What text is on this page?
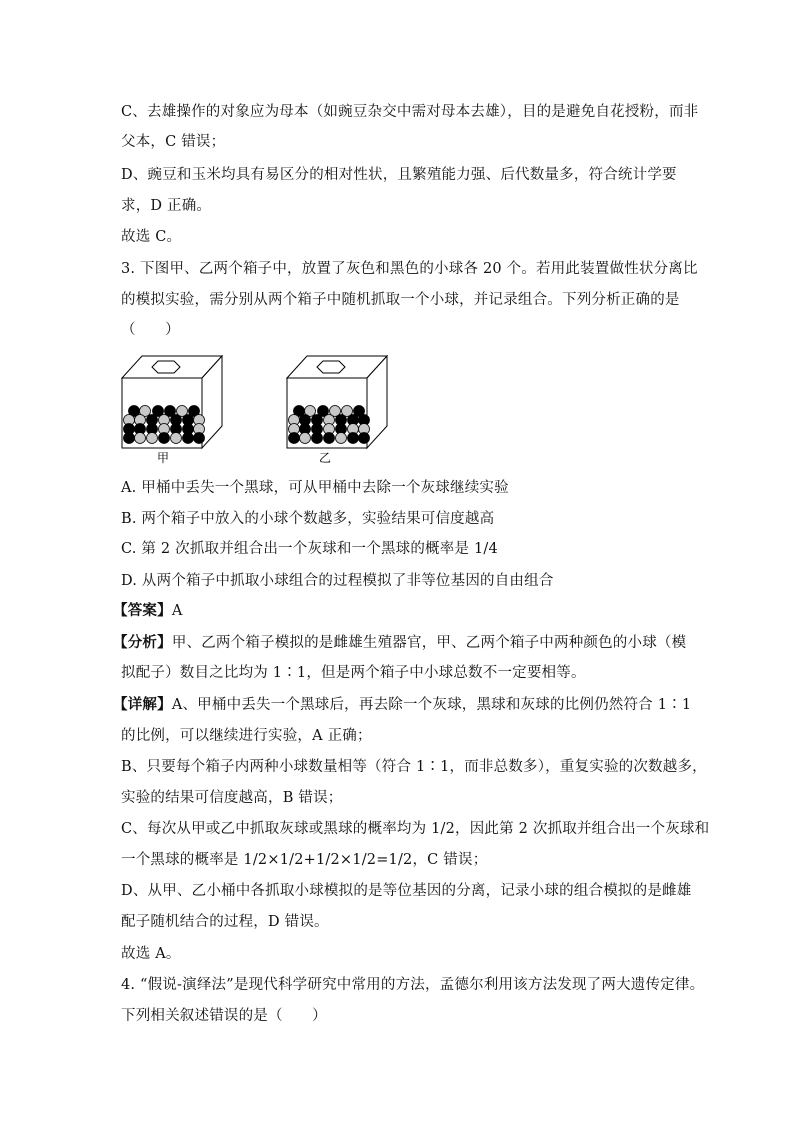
C、去雄操作的对象应为母本（如豌豆杂交中需对母本去雄），目的是避免自花授粉，而非
父本，C 错误；
D、豌豆和玉米均具有易区分的相对性状，且繁殖能力强、后代数量多，符合统计学要
求，D 正确。
故选 C。
3. 下图甲、乙两个箱子中，放置了灰色和黑色的小球各 20 个。若用此装置做性状分离比
的模拟实验，需分别从两个箱子中随机抓取一个小球，并记录组合。下列分析正确的是
（　　）
甲	乙
A. 甲桶中丢失一个黑球，可从甲桶中去除一个灰球继续实验
B. 两个箱子中放入的小球个数越多，实验结果可信度越高
C. 第 2 次抓取并组合出一个灰球和一个黑球的概率是 1/4
D. 从两个箱子中抓取小球组合的过程模拟了非等位基因的自由组合
【答案】A
【分析】甲、乙两个箱子模拟的是雌雄生殖器官，甲、乙两个箱子中两种颜色的小球（模
拟配子）数目之比均为 1∶1，但是两个箱子中小球总数不一定要相等。
【详解】A、甲桶中丢失一个黑球后，再去除一个灰球，黑球和灰球的比例仍然符合 1∶1
的比例，可以继续进行实验，A 正确；
B、只要每个箱子内两种小球数量相等（符合 1∶1，而非总数多），重复实验的次数越多，
实验的结果可信度越高，B 错误；
C、每次从甲或乙中抓取灰球或黑球的概率均为 1/2，因此第 2 次抓取并组合出一个灰球和
一个黑球的概率是 1/2×1/2+1/2×1/2=1/2，C 错误；
D、从甲、乙小桶中各抓取小球模拟的是等位基因的分离，记录小球的组合模拟的是雌雄
配子随机结合的过程，D 错误。
故选 A。
4. “假说-演绎法”是现代科学研究中常用的方法，孟德尔利用该方法发现了两大遗传定律。
下列相关叙述错误的是（　　）
